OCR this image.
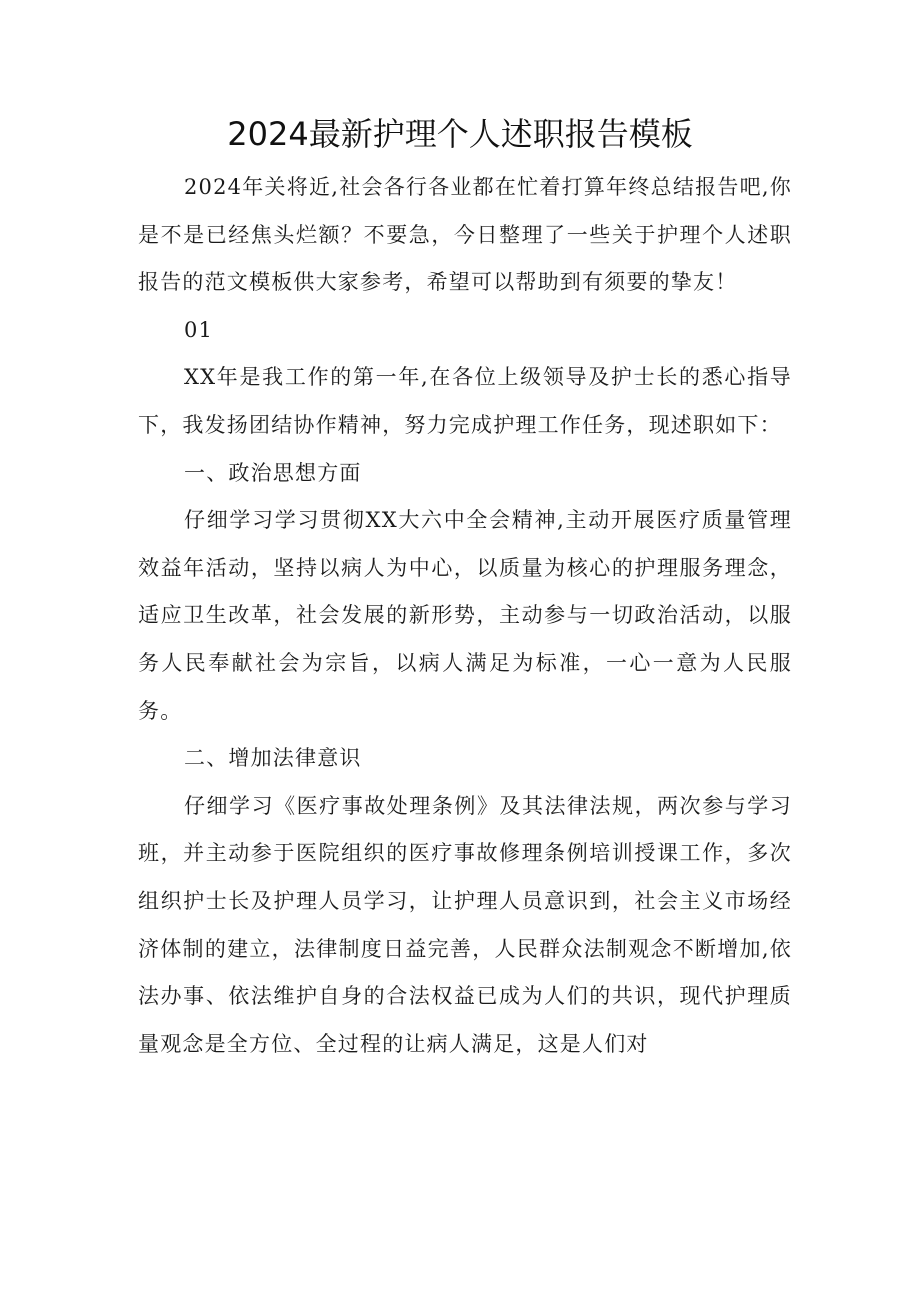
2024最新护理个人述职报告模板

2024年关将近,社会各行各业都在忙着打算年终总结报告吧,你是不是已经焦头烂额？不要急，今日整理了一些关于护理个人述职报告的范文模板供大家参考，希望可以帮助到有须要的挚友！

01

XX年是我工作的第一年,在各位上级领导及护士长的悉心指导下，我发扬团结协作精神，努力完成护理工作任务，现述职如下：

一、政治思想方面

仔细学习学习贯彻XX大六中全会精神,主动开展医疗质量管理效益年活动，坚持以病人为中心，以质量为核心的护理服务理念，适应卫生改革，社会发展的新形势，主动参与一切政治活动，以服务人民奉献社会为宗旨，以病人满足为标准，一心一意为人民服务。

二、增加法律意识

仔细学习《医疗事故处理条例》及其法律法规，两次参与学习班，并主动参于医院组织的医疗事故修理条例培训授课工作，多次组织护士长及护理人员学习，让护理人员意识到，社会主义市场经济体制的建立，法律制度日益完善，人民群众法制观念不断增加,依法办事、依法维护自身的合法权益已成为人们的共识，现代护理质量观念是全方位、全过程的让病人满足，这是人们对
